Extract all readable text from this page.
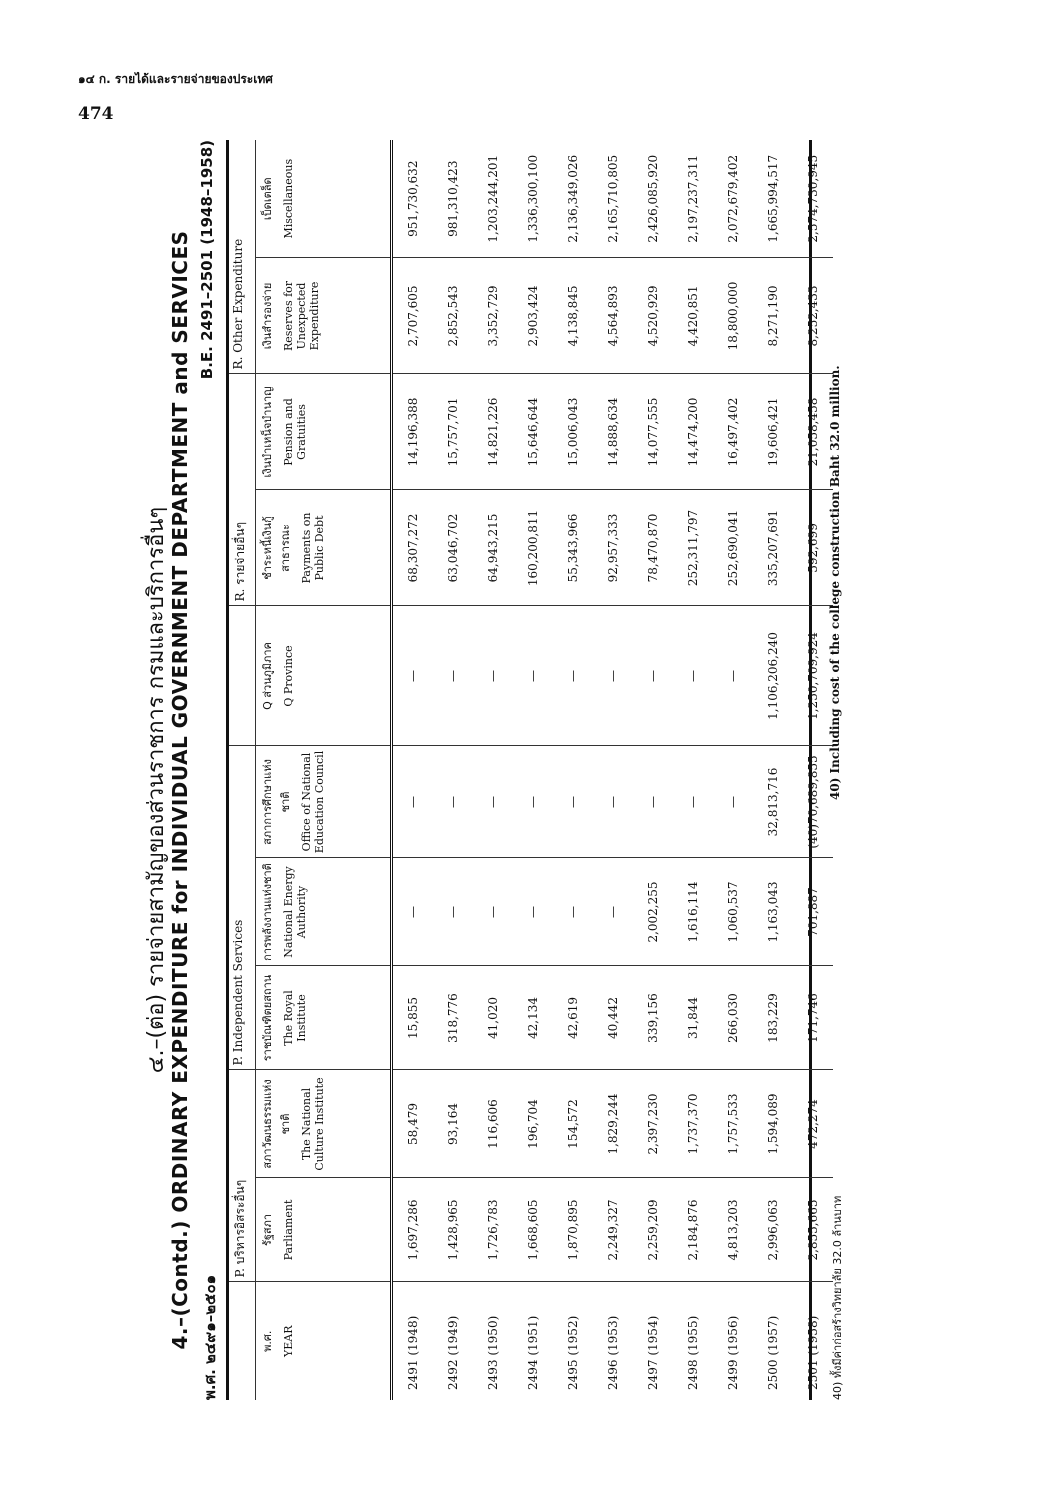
๑๔ ก. รายได้และรายจ่ายของประเทศ
474
๔.–(ต่อ) รายจ่ายสามัญของส่วนราชการ กรมและบริการอื่นๆ 4.–(Contd.) ORDINARY EXPENDITURE for INDIVIDUAL GOVERNMENT DEPARTMENT and SERVICES พ.ศ. ๒๔๙๑–๒๕๐๑
B.E. 2491–2501 (1948–1958)
	P. บริหารอิสระอื่นๆ		P. Independent Services				R. รายจ่ายอื่นๆ		R. Other Expenditure	

พ.ศ. YEAR	รัฐสภา Parliament	สภาวัฒนธรรมแห่งชาติ The National Culture Institute	ราชบัณฑิตยสถาน The Royal Institute	การพลังงานแห่งชาติ National Energy Authority	สภาการศึกษาแห่งชาติ Office of National Education Council	Q ส่วนภูมิภาค Q Province	ชำระหนี้เงินกู้สาธารณะ Payments on Public Debt	เงินบำเหน็จบำนาญ Pension and Gratuities	เงินสำรองจ่าย Reserves for Unexpected Expenditure	เบ็ดเตล็ด Miscellaneous

2491 (1948)	1,697,286	58,479	15,855	—	—	—	68,307,272	14,196,388	2,707,605	951,730,632
2492 (1949)	1,428,965	93,164	318,776	—	—	—	63,046,702	15,757,701	2,852,543	981,310,423
2493 (1950)	1,726,783	116,606	41,020	—	—	—	64,943,215	14,821,226	3,352,729	1,203,244,201
2494 (1951)	1,668,605	196,704	42,134	—	—	—	160,200,811	15,646,644	2,903,424	1,336,300,100
2495 (1952)	1,870,895	154,572	42,619	—	—	—	55,343,966	15,006,043	4,138,845	2,136,349,026
2496 (1953)	2,249,327	1,829,244	40,442	—	—	—	92,957,333	14,888,634	4,564,893	2,165,710,805
2497 (1954)	2,259,209	2,397,230	339,156	2,002,255	—	—	78,470,870	14,077,555	4,520,929	2,426,085,920
2498 (1955)	2,184,876	1,737,370	31,844	1,616,114	—	—	252,311,797	14,474,200	4,420,851	2,197,237,311
2499 (1956)	4,813,203	1,757,533	266,030	1,060,537	—	—	252,690,041	16,497,402	18,800,000	2,072,679,402
2500 (1957)	2,996,063	1,594,089	183,229	1,163,043	32,813,716	1,106,206,240	335,207,691	19,606,421	8,271,190	1,665,994,517
2501 (1958)	2,855,665	472,274	171,746	701,887	(40)70,689,855	1,250,709,924	592,699	21,058,458	8,252,433	2,574,730,945
40) ทั้งมีค่าก่อสร้างวิทยาลัย 32.0 ล้านบาท
40) Including cost of the college construction Baht 32.0 million.
